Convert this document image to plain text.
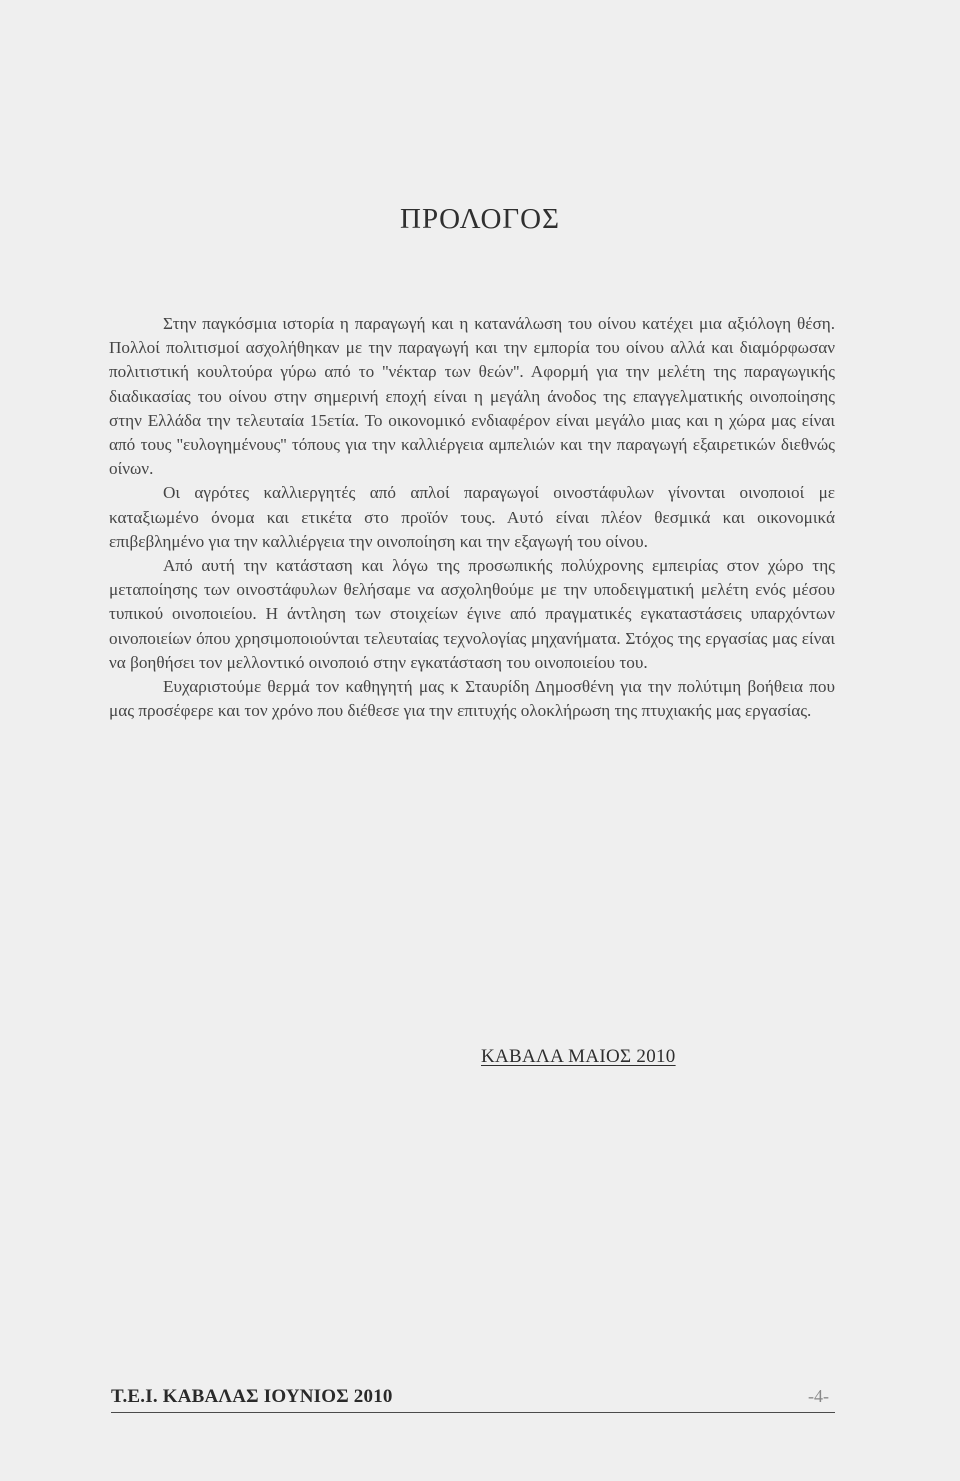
ΠΡΟΛΟΓΟΣ

Στην παγκόσμια ιστορία η παραγωγή και η κατανάλωση του οίνου κατέχει μια αξιόλογη θέση. Πολλοί πολιτισμοί ασχολήθηκαν με την παραγωγή και την εμπορία του οίνου αλλά και διαμόρφωσαν πολιτιστική κουλτούρα γύρω από το ''νέκταρ των θεών''. Αφορμή για την μελέτη της παραγωγικής διαδικασίας του οίνου στην σημερινή εποχή είναι η μεγάλη άνοδος της επαγγελματικής οινοποίησης στην Ελλάδα την τελευταία 15ετία. Το οικονομικό ενδιαφέρον είναι μεγάλο μιας και η χώρα μας είναι από τους ''ευλογημένους'' τόπους για την καλλιέργεια αμπελιών και την παραγωγή εξαιρετικών διεθνώς οίνων.

Οι αγρότες καλλιεργητές από απλοί παραγωγοί οινοστάφυλων γίνονται οινοποιοί με καταξιωμένο όνομα και ετικέτα στο προϊόν τους. Αυτό είναι πλέον θεσμικά και οικονομικά επιβεβλημένο για την καλλιέργεια την οινοποίηση και την εξαγωγή του οίνου.

Από αυτή την κατάσταση και λόγω της προσωπικής πολύχρονης εμπειρίας στον χώρο της μεταποίησης των οινοστάφυλων θελήσαμε να ασχοληθούμε με την υποδειγματική μελέτη ενός μέσου τυπικού οινοποιείου. Η άντληση των στοιχείων έγινε από πραγματικές εγκαταστάσεις υπαρχόντων οινοποιείων όπου χρησιμοποιούνται τελευταίας τεχνολογίας μηχανήματα. Στόχος της εργασίας μας είναι να βοηθήσει τον μελλοντικό οινοποιό στην εγκατάσταση του οινοποιείου του.

Ευχαριστούμε θερμά τον καθηγητή μας κ Σταυρίδη Δημοσθένη για την πολύτιμη βοήθεια που μας προσέφερε και τον χρόνο που διέθεσε για την επιτυχής ολοκλήρωση της πτυχιακής μας εργασίας.

ΚΑΒΑΛΑ ΜΑΙΟΣ 2010
Τ.Ε.Ι. ΚΑΒΑΛΑΣ ΙΟΥΝΙΟΣ 2010	-4-
